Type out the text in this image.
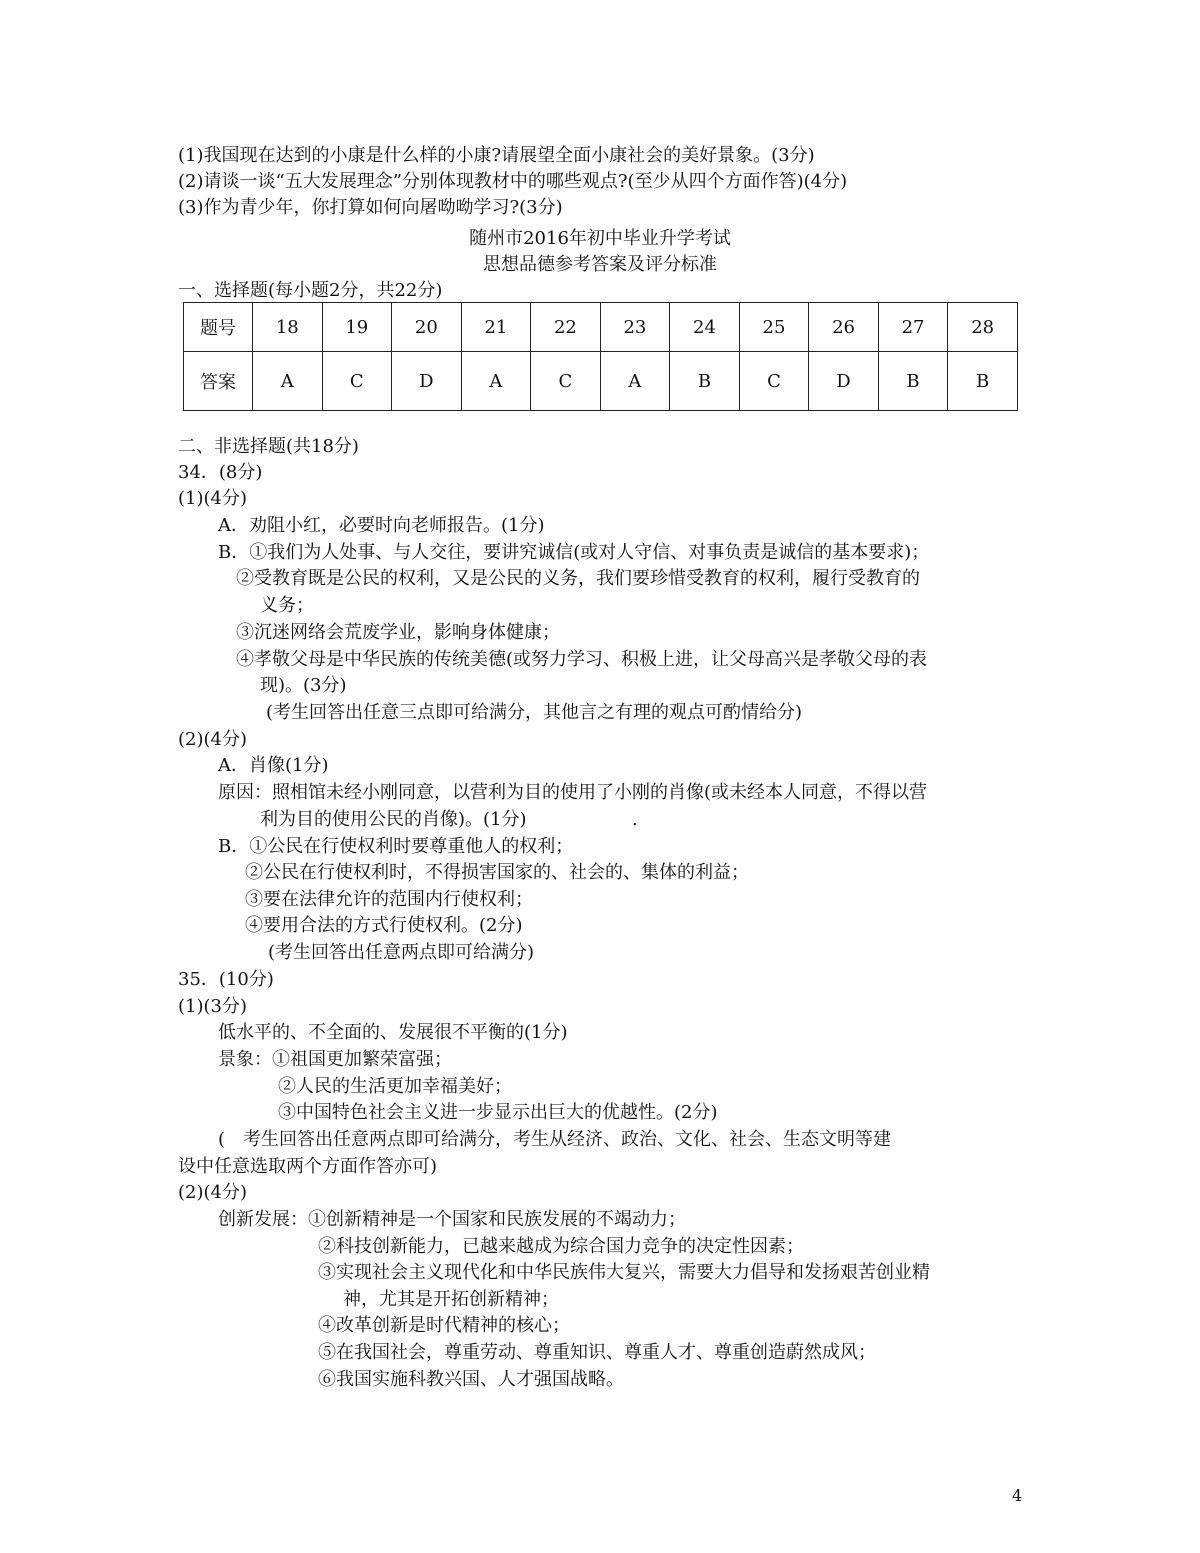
(1)我国现在达到的小康是什么样的小康?请展望全面小康社会的美好景象。(3分)
(2)请谈一谈“五大发展理念”分别体现教材中的哪些观点?(至少从四个方面作答)(4分)
(3)作为青少年，你打算如何向屠呦呦学习?(3分)
随州市2016年初中毕业升学考试
思想品德参考答案及评分标准
一、选择题(每小题2分，共22分)
题号	18	19	20	21	22	23	24	25	26	27	28
答案	A	C	D	A	C	A	B	C	D	B	B
二、非选择题(共18分)
34．(8分)
(1)(4分)
A．劝阻小红，必要时向老师报告。(1分)
B．①我们为人处事、与人交往，要讲究诚信(或对人守信、对事负责是诚信的基本要求)；
②受教育既是公民的权利，又是公民的义务，我们要珍惜受教育的权利，履行受教育的
义务；
③沉迷网络会荒废学业，影响身体健康；
④孝敬父母是中华民族的传统美德(或努力学习、积极上进，让父母高兴是孝敬父母的表
现)。(3分)
(考生回答出任意三点即可给满分，其他言之有理的观点可酌情给分)
(2)(4分)
A．肖像(1分)
原因：照相馆未经小刚同意，以营利为目的使用了小刚的肖像(或未经本人同意，不得以营
利为目的使用公民的肖像)。(1分)	.
B．①公民在行使权利时要尊重他人的权利；
②公民在行使权利时，不得损害国家的、社会的、集体的利益；
③要在法律允许的范围内行使权利；
④要用合法的方式行使权利。(2分)
(考生回答出任意两点即可给满分)
35．(10分)
(1)(3分)
低水平的、不全面的、发展很不平衡的(1分)
景象：①祖国更加繁荣富强；
②人民的生活更加幸福美好；
③中国特色社会主义进一步显示出巨大的优越性。(2分)
(　考生回答出任意两点即可给满分，考生从经济、政治、文化、社会、生态文明等建
设中任意选取两个方面作答亦可)
(2)(4分)
创新发展：①创新精神是一个国家和民族发展的不竭动力；
②科技创新能力，已越来越成为综合国力竞争的决定性因素；
③实现社会主义现代化和中华民族伟大复兴，需要大力倡导和发扬艰苦创业精
神，尤其是开拓创新精神；
④改革创新是时代精神的核心；
⑤在我国社会，尊重劳动、尊重知识、尊重人才、尊重创造蔚然成风；
⑥我国实施科教兴国、人才强国战略。
4
